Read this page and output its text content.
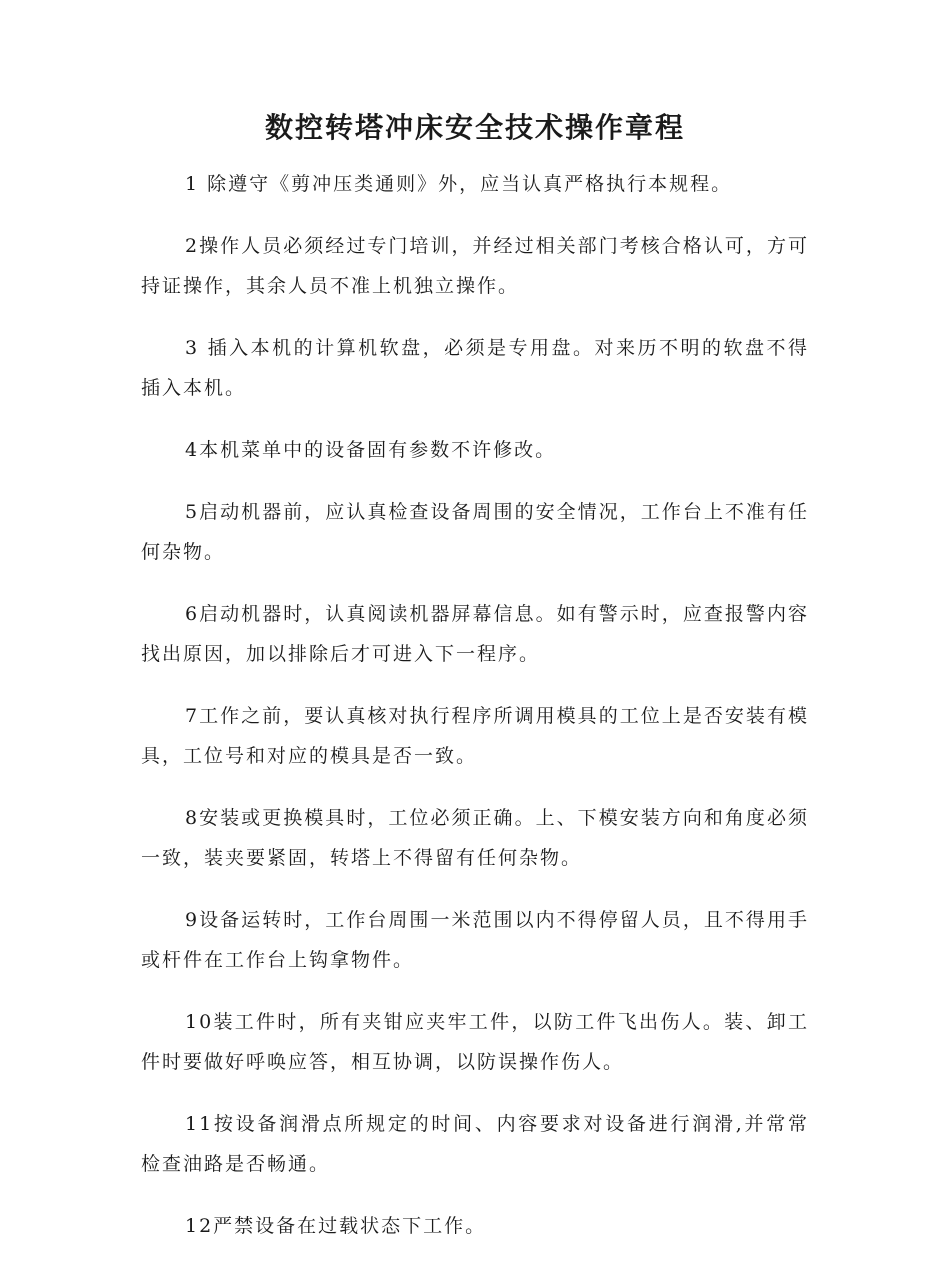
数控转塔冲床安全技术操作章程

1 除遵守《剪冲压类通则》外，应当认真严格执行本规程。

2操作人员必须经过专门培训，并经过相关部门考核合格认可，方可持证操作，其余人员不准上机独立操作。

3 插入本机的计算机软盘，必须是专用盘。对来历不明的软盘不得插入本机。

4本机菜单中的设备固有参数不许修改。

5启动机器前，应认真检查设备周围的安全情况，工作台上不准有任何杂物。

6启动机器时，认真阅读机器屏幕信息。如有警示时，应查报警内容找出原因，加以排除后才可进入下一程序。

7工作之前，要认真核对执行程序所调用模具的工位上是否安装有模具，工位号和对应的模具是否一致。

8安装或更换模具时，工位必须正确。上、下模安装方向和角度必须一致，装夹要紧固，转塔上不得留有任何杂物。

9设备运转时，工作台周围一米范围以内不得停留人员，且不得用手或杆件在工作台上钩拿物件。

10装工件时，所有夹钳应夹牢工件，以防工件飞出伤人。装、卸工件时要做好呼唤应答，相互协调，以防误操作伤人。

11按设备润滑点所规定的时间、内容要求对设备进行润滑,并常常检查油路是否畅通。

12严禁设备在过载状态下工作。
